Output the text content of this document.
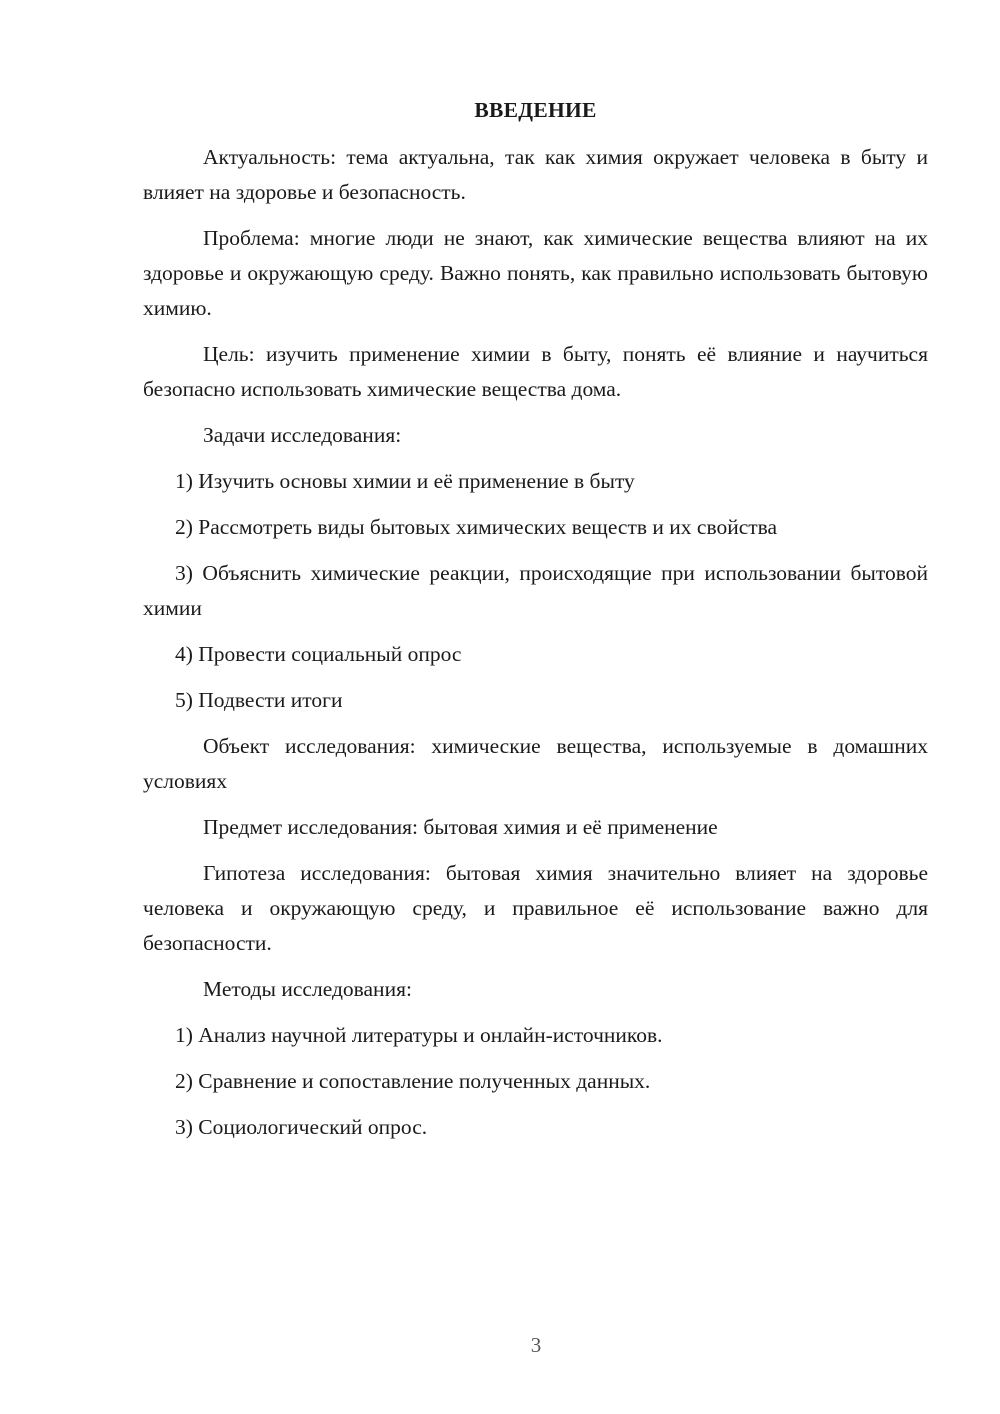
ВВЕДЕНИЕ

Актуальность: тема актуальна, так как химия окружает человека в быту и влияет на здоровье и безопасность.

Проблема: многие люди не знают, как химические вещества влияют на их здоровье и окружающую среду. Важно понять, как правильно использовать бытовую химию.

Цель: изучить применение химии в быту, понять её влияние и научиться безопасно использовать химические вещества дома.

Задачи исследования:

1) Изучить основы химии и её применение в быту

2) Рассмотреть виды бытовых химических веществ и их свойства

3) Объяснить химические реакции, происходящие при использовании бытовой химии

4) Провести социальный опрос

5) Подвести итоги

Объект исследования: химические вещества, используемые в домашних условиях

Предмет исследования: бытовая химия и её применение

Гипотеза исследования: бытовая химия значительно влияет на здоровье человека и окружающую среду, и правильное её использование важно для безопасности.

Методы исследования:

1) Анализ научной литературы и онлайн-источников.

2) Сравнение и сопоставление полученных данных.

3) Социологический опрос.

3
